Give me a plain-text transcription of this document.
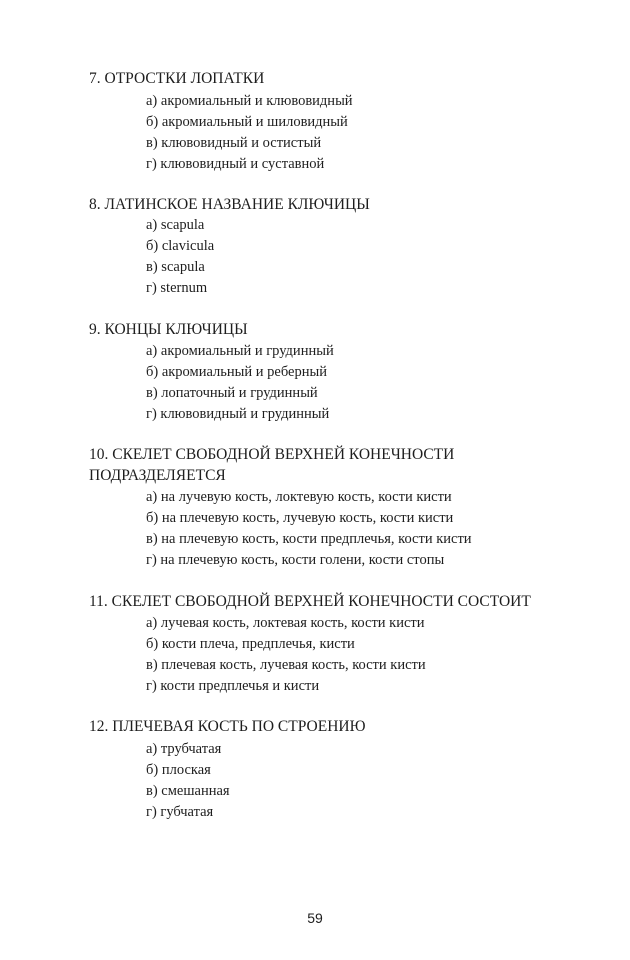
7. ОТРОСТКИ ЛОПАТКИ
а) акромиальный и клювовидный
б) акромиальный и шиловидный
в) клювовидный и остистый
г) клювовидный и суставной
8. ЛАТИНСКОЕ НАЗВАНИЕ КЛЮЧИЦЫ
а) scapula
б) clavicula
в) scapula
г) sternum
9. КОНЦЫ КЛЮЧИЦЫ
а) акромиальный и грудинный
б) акромиальный и реберный
в) лопаточный и грудинный
г) клювовидный и грудинный
10. СКЕЛЕТ СВОБОДНОЙ ВЕРХНЕЙ КОНЕЧНОСТИ
ПОДРАЗДЕЛЯЕТСЯ
а) на лучевую кость, локтевую кость, кости кисти
б) на плечевую кость, лучевую кость, кости кисти
в) на плечевую кость, кости предплечья, кости кисти
г) на плечевую кость, кости голени, кости стопы
11. СКЕЛЕТ СВОБОДНОЙ ВЕРХНЕЙ КОНЕЧНОСТИ СОСТОИТ
а) лучевая кость, локтевая кость, кости кисти
б) кости плеча, предплечья, кисти
в) плечевая кость, лучевая кость, кости кисти
г) кости предплечья и кисти
12. ПЛЕЧЕВАЯ КОСТЬ ПО СТРОЕНИЮ
а) трубчатая
б) плоская
в) смешанная
г) губчатая
59
